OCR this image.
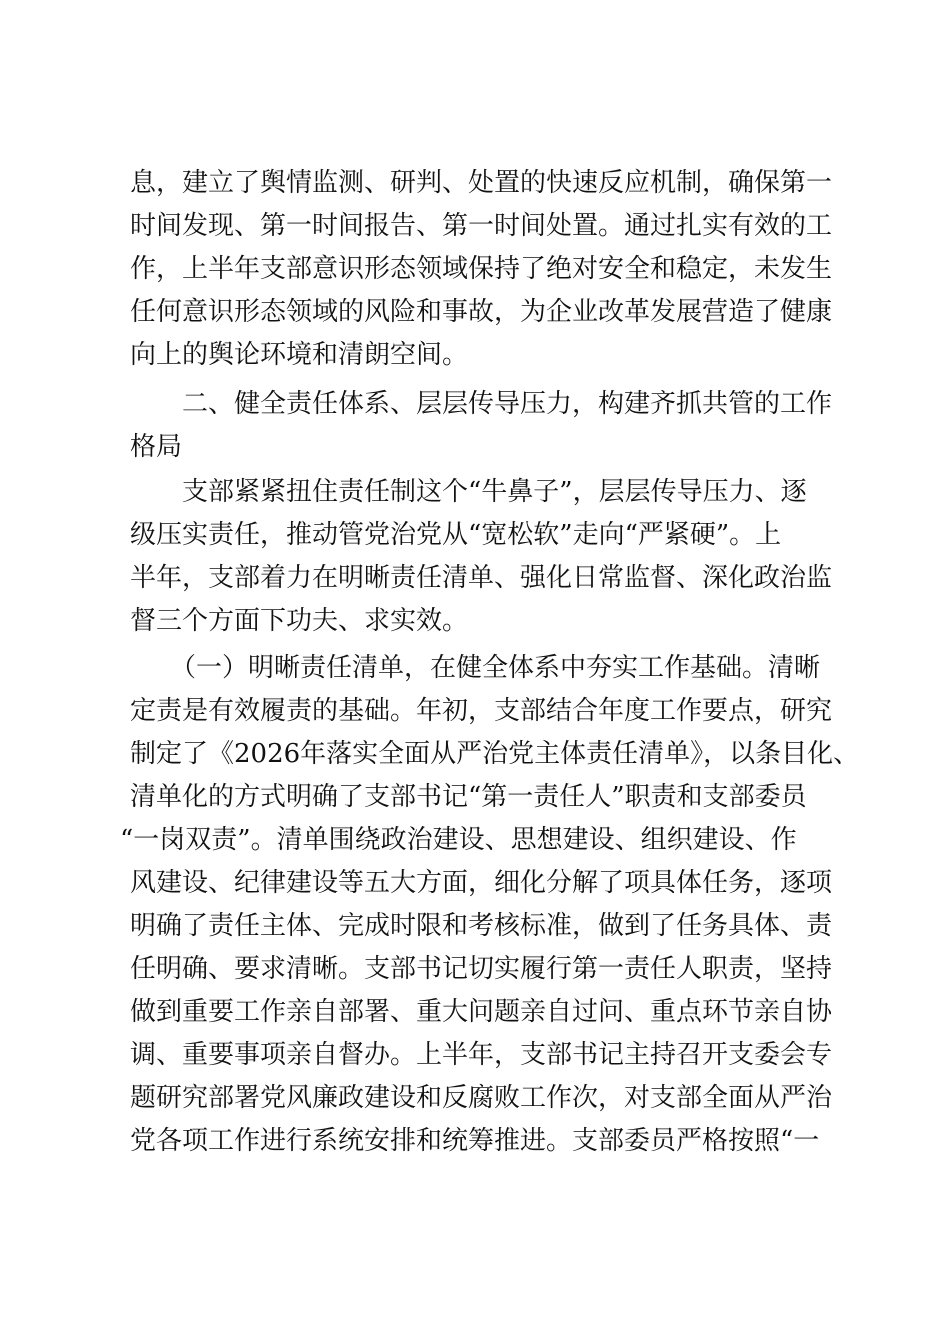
息，建立了舆情监测、研判、处置的快速反应机制，确保第一
时间发现、第一时间报告、第一时间处置。通过扎实有效的工
作，上半年支部意识形态领域保持了绝对安全和稳定，未发生
任何意识形态领域的风险和事故，为企业改革发展营造了健康
向上的舆论环境和清朗空间。
二、健全责任体系、层层传导压力，构建齐抓共管的工作
格局
支部紧紧扭住责任制这个“牛鼻子”，层层传导压力、逐
级压实责任，推动管党治党从“宽松软”走向“严紧硬”。上
半年，支部着力在明晰责任清单、强化日常监督、深化政治监
督三个方面下功夫、求实效。
（一）明晰责任清单，在健全体系中夯实工作基础。清晰
定责是有效履责的基础。年初，支部结合年度工作要点，研究
制定了《2026年落实全面从严治党主体责任清单》，以条目化、
清单化的方式明确了支部书记“第一责任人”职责和支部委员
“一岗双责”。清单围绕政治建设、思想建设、组织建设、作
风建设、纪律建设等五大方面，细化分解了项具体任务，逐项
明确了责任主体、完成时限和考核标准，做到了任务具体、责
任明确、要求清晰。支部书记切实履行第一责任人职责，坚持
做到重要工作亲自部署、重大问题亲自过问、重点环节亲自协
调、重要事项亲自督办。上半年，支部书记主持召开支委会专
题研究部署党风廉政建设和反腐败工作次，对支部全面从严治
党各项工作进行系统安排和统筹推进。支部委员严格按照“一
